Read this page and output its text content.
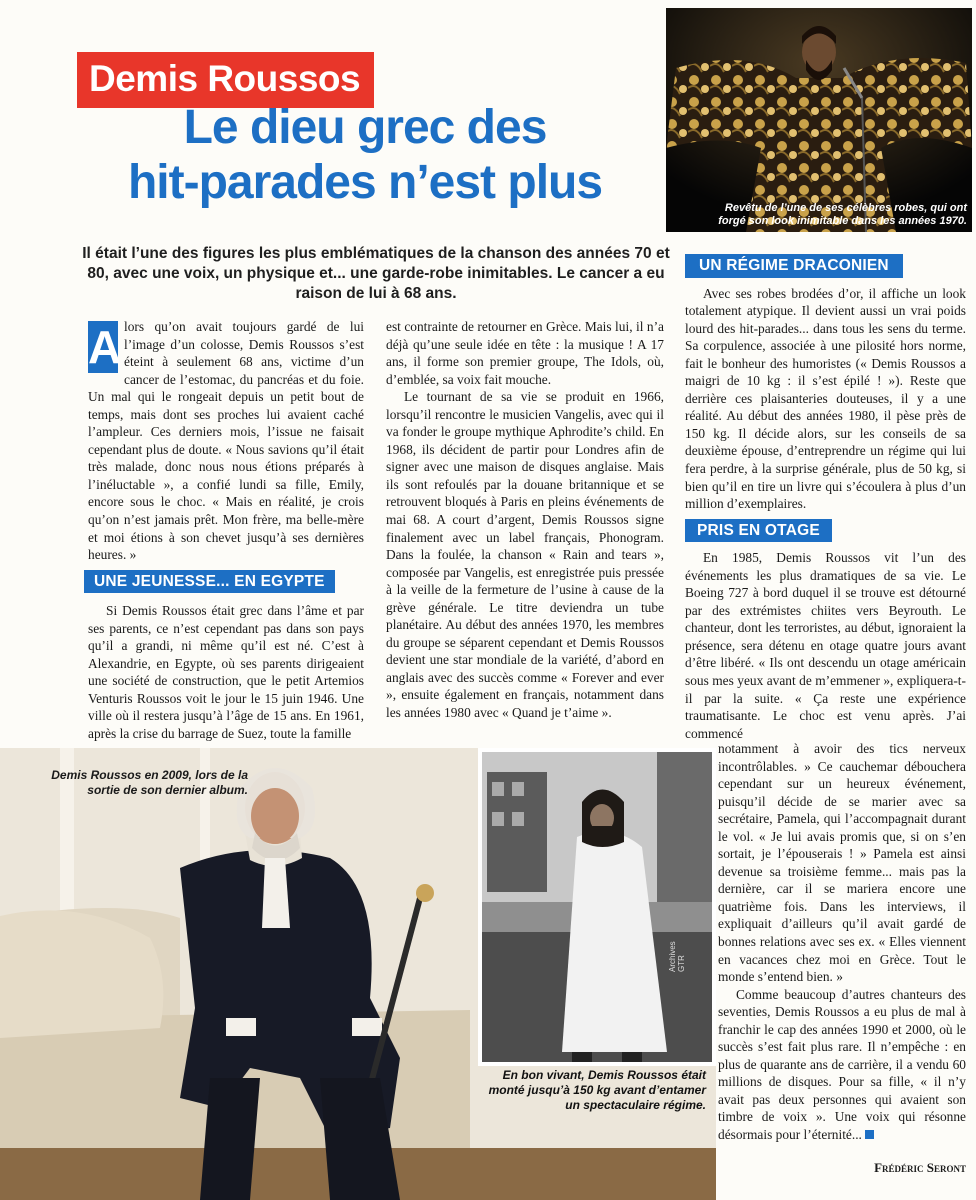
Demis Roussos
Le dieu grec des
hit-parades n’est plus	Revêtu de l’une de ses célèbres robes, qui ont forgé son look inimitable dans les années 1970.
Il était l’une des figures les plus emblématiques de la chanson des années 70 et 80, avec une voix, un physique et... une garde-robe inimitables. Le cancer a eu raison de lui à 68 ans.

A lors qu’on avait toujours gardé de lui l’image d’un colosse, Demis Roussos s’est éteint à seulement 68 ans, victime d’un cancer de l’estomac, du pancréas et du foie. Un mal qui le rongeait depuis un petit bout de temps, mais dont ses proches lui avaient caché l’ampleur. Ces derniers mois, l’issue ne faisait cependant plus de doute. « Nous savions qu’il était très malade, donc nous nous étions préparés à l’inéluctable », a confié lundi sa fille, Emily, encore sous le choc. « Mais en réalité, je crois qu’on n’est jamais prêt. Mon frère, ma belle-mère et moi étions à son chevet jusqu’à ses dernières heures. »

UNE JEUNESSE... EN EGYPTE

Si Demis Roussos était grec dans l’âme et par ses parents, ce n’est cependant pas dans son pays qu’il a grandi, ni même qu’il est né. C’est à Alexandrie, en Egypte, où ses parents dirigeaient une société de construction, que le petit Artemios Venturis Roussos voit le jour le 15 juin 1946. Une ville où il restera jusqu’à l’âge de 15 ans. En 1961, après la crise du barrage de Suez, toute la famille

est contrainte de retourner en Grèce. Mais lui, il n’a déjà qu’une seule idée en tête : la musique ! A 17 ans, il forme son premier groupe, The Idols, où, d’emblée, sa voix fait mouche.

Le tournant de sa vie se produit en 1966, lorsqu’il rencontre le musicien Vangelis, avec qui il va fonder le groupe mythique Aphrodite’s child. En 1968, ils décident de partir pour Londres afin de signer avec une maison de disques anglaise. Mais ils sont refoulés par la douane britannique et se retrouvent bloqués à Paris en pleins événements de mai 68. A court d’argent, Demis Roussos signe finalement avec un label français, Phonogram. Dans la foulée, la chanson « Rain and tears », composée par Vangelis, est enregistrée puis pressée à la veille de la fermeture de l’usine à cause de la grève générale. Le titre deviendra un tube planétaire. Au début des années 1970, les membres du groupe se séparent cependant et Demis Roussos devient une star mondiale de la variété, d’abord en anglais avec des succès comme « Forever and ever », ensuite également en français, notamment dans les années 1980 avec « Quand je t’aime ».

UN RÉGIME DRACONIEN

Avec ses robes brodées d’or, il affiche un look totalement atypique. Il devient aussi un vrai poids lourd des hit-parades... dans tous les sens du terme. Sa corpulence, associée à une pilosité hors norme, fait le bonheur des humoristes (« Demis Roussos a maigri de 10 kg : il s’est épilé ! »). Reste que derrière ces plaisanteries douteuses, il y a une réalité. Au début des années 1980, il pèse près de 150 kg. Il décide alors, sur les conseils de sa deuxième épouse, d’entreprendre un régime qui lui fera perdre, à la surprise générale, plus de 50 kg, si bien qu’il en tire un livre qui s’écoulera à plus d’un million d’exemplaires.

PRIS EN OTAGE

En 1985, Demis Roussos vit l’un des événements les plus dramatiques de sa vie. Le Boeing 727 à bord duquel il se trouve est détourné par des extrémistes chiites vers Beyrouth. Le chanteur, dont les terroristes, au début, ignoraient la présence, sera détenu en otage quatre jours avant d’être libéré. « Ils ont descendu un otage américain sous mes yeux avant de m’emmener », expliquera-t-il par la suite. « Ça reste une expérience traumatisante. Le choc est venu après. J’ai commencé

notamment à avoir des tics nerveux incontrôlables. » Ce cauchemar débouchera cependant sur un heureux événement, puisqu’il décide de se marier avec sa secrétaire, Pamela, qui l’accompagnait durant le vol. « Je lui avais promis que, si on s’en sortait, je l’épouserais ! » Pamela est ainsi devenue sa troisième femme... mais pas la dernière, car il se mariera encore une quatrième fois. Dans les interviews, il expliquait d’ailleurs qu’il avait gardé de bonnes relations avec ses ex. « Elles viennent en vacances chez moi en Grèce. Tout le monde s’entend bien. »

Comme beaucoup d’autres chanteurs des seventies, Demis Roussos a eu plus de mal à franchir le cap des années 1990 et 2000, où le succès s’est fait plus rare. Il n’empêche : en plus de quarante ans de carrière, il a vendu 60 millions de disques. Pour sa fille, « il n’y avait pas deux personnes qui avaient son timbre de voix ». Une voix qui résonne désormais pour l’éternité...

Demis Roussos en 2009, lors de la sortie de son dernier album.
Archives GTR
En bon vivant, Demis Roussos était monté jusqu’à 150 kg avant d’entamer un spectaculaire régime.
Frédéric Seront
